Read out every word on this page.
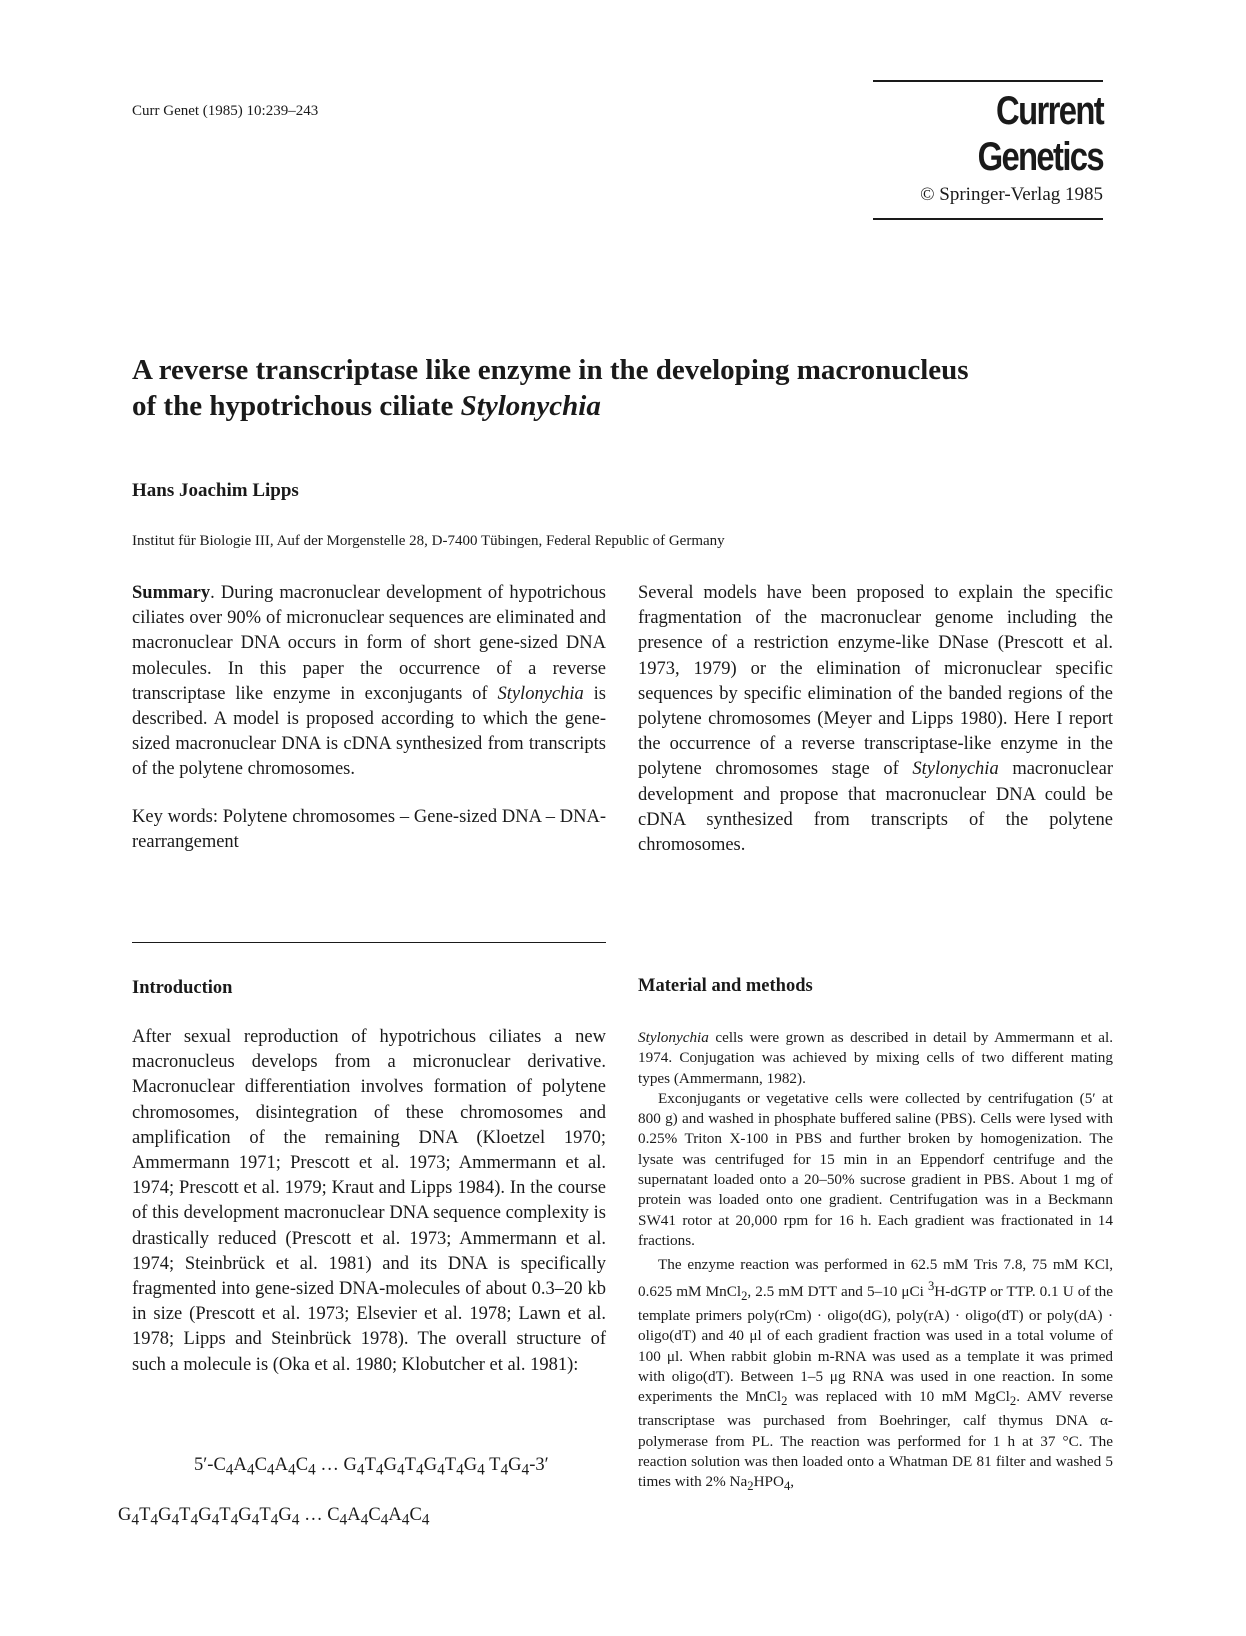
Curr Genet (1985) 10:239–243	Current Genetics
© Springer-Verlag 1985
A reverse transcriptase like enzyme in the developing macronucleus
of the hypotrichous ciliate Stylonychia
Hans Joachim Lipps
Institut für Biologie III, Auf der Morgenstelle 28, D-7400 Tübingen, Federal Republic of Germany

Summary. During macronuclear development of hypotrichous ciliates over 90% of micronuclear sequences are eliminated and macronuclear DNA occurs in form of short gene-sized DNA molecules. In this paper the occurrence of a reverse transcriptase like enzyme in exconjugants of Stylonychia is described. A model is proposed according to which the gene-sized macronuclear DNA is cDNA synthesized from transcripts of the polytene chromosomes.

Key words: Polytene chromosomes – Gene-sized DNA – DNA-rearrangement

Several models have been proposed to explain the specific fragmentation of the macronuclear genome including the presence of a restriction enzyme-like DNase (Prescott et al. 1973, 1979) or the elimination of micronuclear specific sequences by specific elimination of the banded regions of the polytene chromosomes (Meyer and Lipps 1980). Here I report the occurrence of a reverse transcriptase-like enzyme in the polytene chromosomes stage of Stylonychia macronuclear development and propose that macronuclear DNA could be cDNA synthesized from transcripts of the polytene chromosomes.

Introduction

After sexual reproduction of hypotrichous ciliates a new macronucleus develops from a micronuclear derivative. Macronuclear differentiation involves formation of polytene chromosomes, disintegration of these chromosomes and amplification of the remaining DNA (Kloetzel 1970; Ammermann 1971; Prescott et al. 1973; Ammermann et al. 1974; Prescott et al. 1979; Kraut and Lipps 1984). In the course of this development macronuclear DNA sequence complexity is drastically reduced (Prescott et al. 1973; Ammermann et al. 1974; Steinbrück et al. 1981) and its DNA is specifically fragmented into gene-sized DNA-molecules of about 0.3–20 kb in size (Prescott et al. 1973; Elsevier et al. 1978; Lawn et al. 1978; Lipps and Steinbrück 1978). The overall structure of such a molecule is (Oka et al. 1980; Klobutcher et al. 1981):

$5'-C_4A_4C_4A_4C_4$ … $G_4T_4G_4T_4G_4T_4G_4$ $T_4G_4-3'$
$G_4T_4G_4T_4G_4T_4G_4T_4G_4$ … $C_4A_4C_4A_4C_4$

Material and methods

Stylonychia cells were grown as described in detail by Ammermann et al. 1974. Conjugation was achieved by mixing cells of two different mating types (Ammermann, 1982).

Exconjugants or vegetative cells were collected by centrifugation (5′ at 800 g) and washed in phosphate buffered saline (PBS). Cells were lysed with 0.25% Triton X-100 in PBS and further broken by homogenization. The lysate was centrifuged for 15 min in an Eppendorf centrifuge and the supernatant loaded onto a 20–50% sucrose gradient in PBS. About 1 mg of protein was loaded onto one gradient. Centrifugation was in a Beckmann SW41 rotor at 20,000 rpm for 16 h. Each gradient was fractionated in 14 fractions.

The enzyme reaction was performed in 62.5 mM Tris 7.8, 75 mM KCl, 0.625 mM MnCl$_2$, 2.5 mM DTT and 5–10 μCi $^3$H-dGTP or TTP. 0.1 U of the template primers poly(rCm) · oligo(dG), poly(rA) · oligo(dT) or poly(dA) · oligo(dT) and 40 μl of each gradient fraction was used in a total volume of 100 μl. When rabbit globin m-RNA was used as a template it was primed with oligo(dT). Between 1–5 μg RNA was used in one reaction. In some experiments the MnCl$_2$ was replaced with 10 mM MgCl$_2$. AMV reverse transcriptase was purchased from Boehringer, calf thymus DNA α-polymerase from PL. The reaction was performed for 1 h at 37 °C. The reaction solution was then loaded onto a Whatman DE 81 filter and washed 5 times with 2% $Na_2HPO_4$,
